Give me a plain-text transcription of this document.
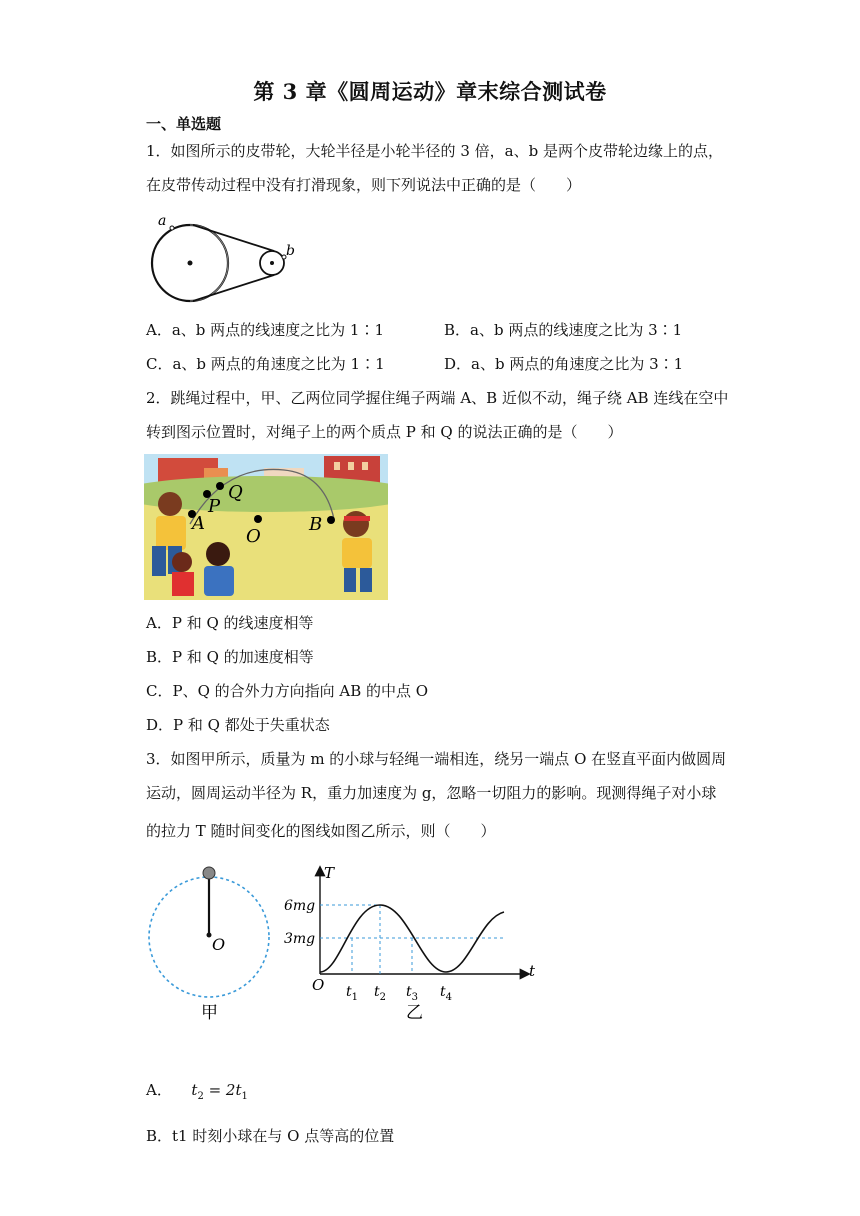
第 3 章《圆周运动》章末综合测试卷
一、单选题
1．如图所示的皮带轮，大轮半径是小轮半径的 3 倍，a、b 是两个皮带轮边缘上的点，
在皮带传动过程中没有打滑现象，则下列说法中正确的是（　　）
a
b
A．a、b 两点的线速度之比为 1∶1	B．a、b 两点的线速度之比为 3∶1
C．a、b 两点的角速度之比为 1∶1	D．a、b 两点的角速度之比为 3∶1
2．跳绳过程中，甲、乙两位同学握住绳子两端 A、B 近似不动，绳子绕 AB 连线在空中
转到图示位置时，对绳子上的两个质点 P 和 Q 的说法正确的是（　　）
Q
P
A
O
B
A．P 和 Q 的线速度相等
B．P 和 Q 的加速度相等
C．P、Q 的合外力方向指向 AB 的中点 O
D．P 和 Q 都处于失重状态
3．如图甲所示，质量为 m 的小球与轻绳一端相连，绕另一端点 O 在竖直平面内做圆周
运动，圆周运动半径为 R，重力加速度为 g，忽略一切阻力的影响。现测得绳子对小球
的拉力 T 随时间变化的图线如图乙所示，则（　　）
O
甲
T
t
O
6mg
3mg
$t_1$ $t_2$ $t_3$ $t_4$
乙
A． $t_2 = 2t_1$
B．t1 时刻小球在与 O 点等高的位置
